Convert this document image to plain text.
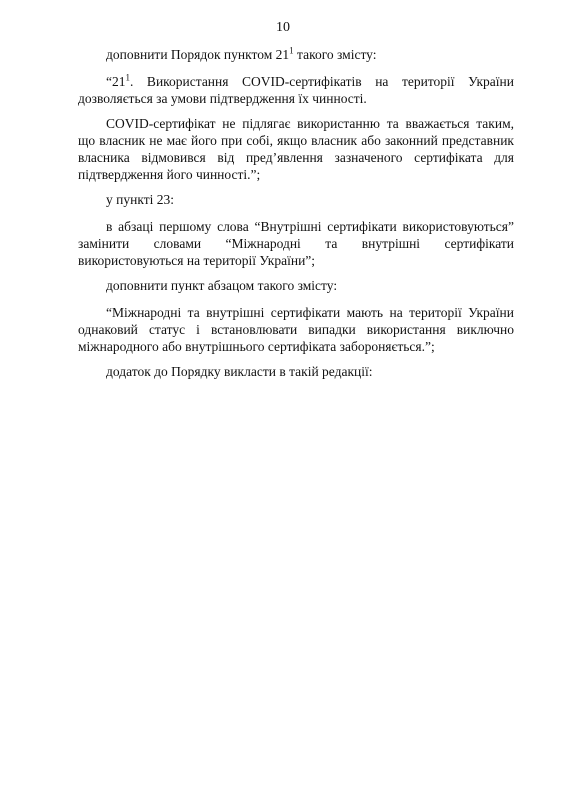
10

доповнити Порядок пунктом $21^1$ такого змісту:

“$21^1$. Використання COVID-сертифікатів на території України дозволяється за умови підтвердження їх чинності.

COVID-сертифікат не підлягає використанню та вважається таким, що власник не має його при собі, якщо власник або законний представник власника відмовився від пред’явлення зазначеного сертифіката для підтвердження його чинності.”;

у пункті 23:

в абзаці першому слова “Внутрішні сертифікати використовуються” замінити словами “Міжнародні та внутрішні сертифікати використовуються на території України”;

доповнити пункт абзацом такого змісту:

“Міжнародні та внутрішні сертифікати мають на території України однаковий статус і встановлювати випадки використання виключно міжнародного або внутрішнього сертифіката забороняється.”;

додаток до Порядку викласти в такій редакції:
